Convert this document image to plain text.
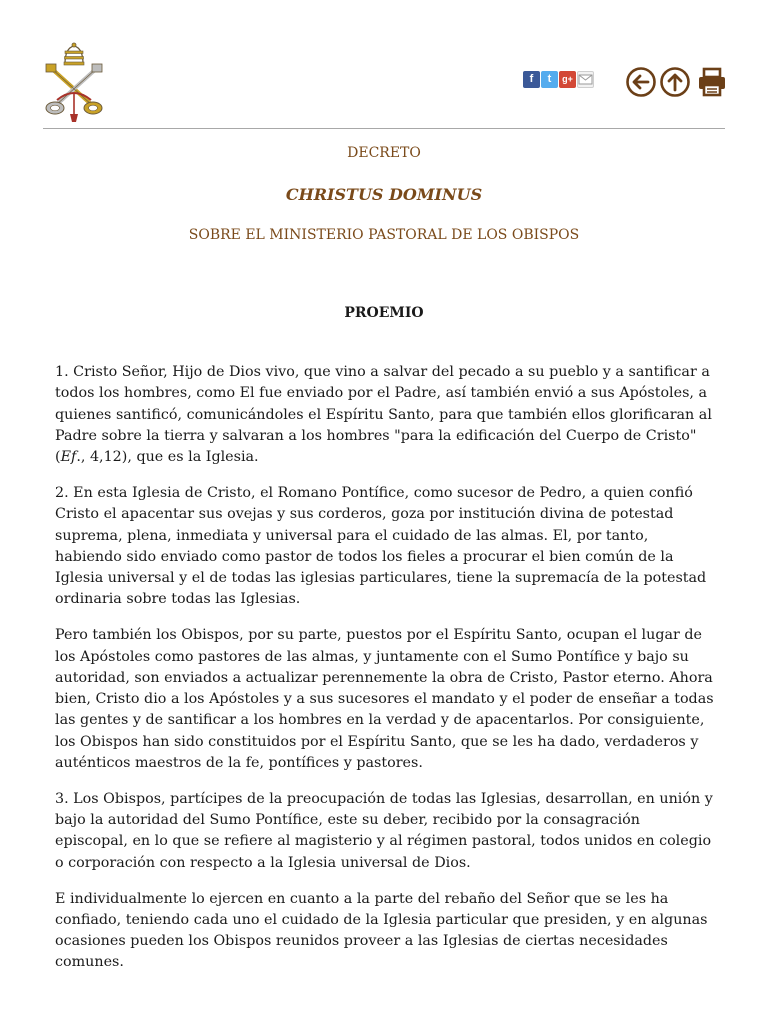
f	t	g+
DECRETO
CHRISTUS DOMINUS
SOBRE EL MINISTERIO PASTORAL DE LOS OBISPOS
PROEMIO

1. Cristo Señor, Hijo de Dios vivo, que vino a salvar del pecado a su pueblo y a santificar a todos los hombres, como El fue enviado por el Padre, así también envió a sus Apóstoles, a quienes santificó, comunicándoles el Espíritu Santo, para que también ellos glorificaran al Padre sobre la tierra y salvaran a los hombres "para la edificación del Cuerpo de Cristo" (Ef., 4,12), que es la Iglesia.

2. En esta Iglesia de Cristo, el Romano Pontífice, como sucesor de Pedro, a quien confió Cristo el apacentar sus ovejas y sus corderos, goza por institución divina de potestad suprema, plena, inmediata y universal para el cuidado de las almas. El, por tanto, habiendo sido enviado como pastor de todos los fieles a procurar el bien común de la Iglesia universal y el de todas las iglesias particulares, tiene la supremacía de la potestad ordinaria sobre todas las Iglesias.

Pero también los Obispos, por su parte, puestos por el Espíritu Santo, ocupan el lugar de los Apóstoles como pastores de las almas, y juntamente con el Sumo Pontífice y bajo su autoridad, son enviados a actualizar perennemente la obra de Cristo, Pastor eterno. Ahora bien, Cristo dio a los Apóstoles y a sus sucesores el mandato y el poder de enseñar a todas las gentes y de santificar a los hombres en la verdad y de apacentarlos. Por consiguiente, los Obispos han sido constituidos por el Espíritu Santo, que se les ha dado, verdaderos y auténticos maestros de la fe, pontífices y pastores.

3. Los Obispos, partícipes de la preocupación de todas las Iglesias, desarrollan, en unión y bajo la autoridad del Sumo Pontífice, este su deber, recibido por la consagración episcopal, en lo que se refiere al magisterio y al régimen pastoral, todos unidos en colegio o corporación con respecto a la Iglesia universal de Dios.

E individualmente lo ejercen en cuanto a la parte del rebaño del Señor que se les ha confiado, teniendo cada uno el cuidado de la Iglesia particular que presiden, y en algunas ocasiones pueden los Obispos reunidos proveer a las Iglesias de ciertas necesidades comunes.
